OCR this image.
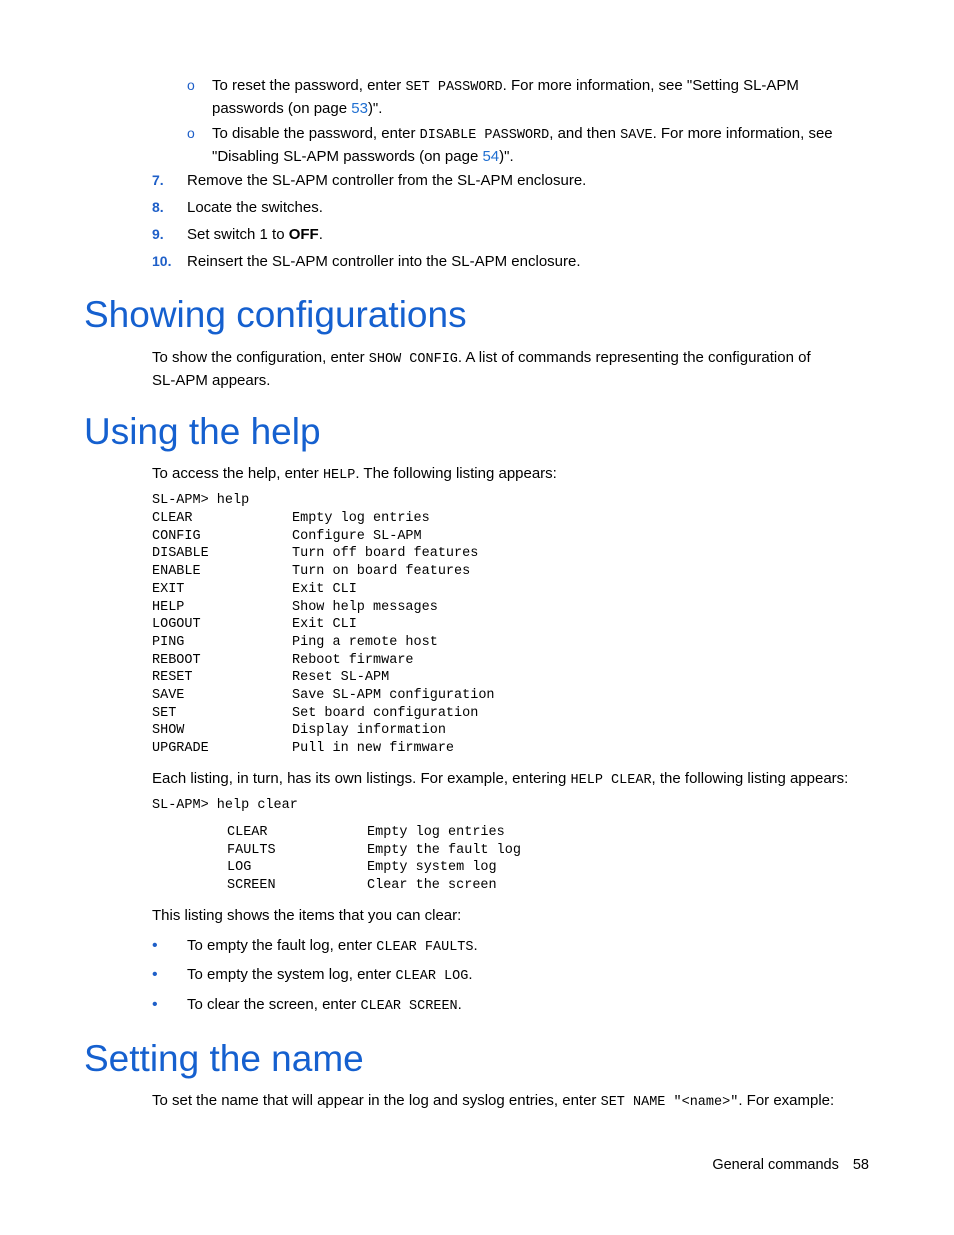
o To reset the password, enter SET PASSWORD. For more information, see "Setting SL-APM
passwords (on page 53)".
o To disable the password, enter DISABLE PASSWORD, and then SAVE. For more information, see
"Disabling SL-APM passwords (on page 54)".
7. Remove the SL-APM controller from the SL-APM enclosure.
8. Locate the switches.
9. Set switch 1 to OFF.
10. Reinsert the SL-APM controller into the SL-APM enclosure.
Showing configurations
To show the configuration, enter SHOW CONFIG. A list of commands representing the configuration of
SL-APM appears.
Using the help
To access the help, enter HELP. The following listing appears:
SL-APM> help
CLEAR	Empty log entries
CONFIG	Configure SL-APM
DISABLE	Turn off board features
ENABLE	Turn on board features
EXIT	Exit CLI
HELP	Show help messages
LOGOUT	Exit CLI
PING	Ping a remote host
REBOOT	Reboot firmware
RESET	Reset SL-APM
SAVE	Save SL-APM configuration
SET	Set board configuration
SHOW	Display information
UPGRADE	Pull in new firmware
Each listing, in turn, has its own listings. For example, entering HELP CLEAR, the following listing appears:
SL-APM> help clear
CLEAR	Empty log entries
FAULTS	Empty the fault log
LOG	Empty system log
SCREEN	Clear the screen
This listing shows the items that you can clear:
• To empty the fault log, enter CLEAR FAULTS.
• To empty the system log, enter CLEAR LOG.
• To clear the screen, enter CLEAR SCREEN.
Setting the name
To set the name that will appear in the log and syslog entries, enter SET NAME "<name>". For example:
General commands 58
